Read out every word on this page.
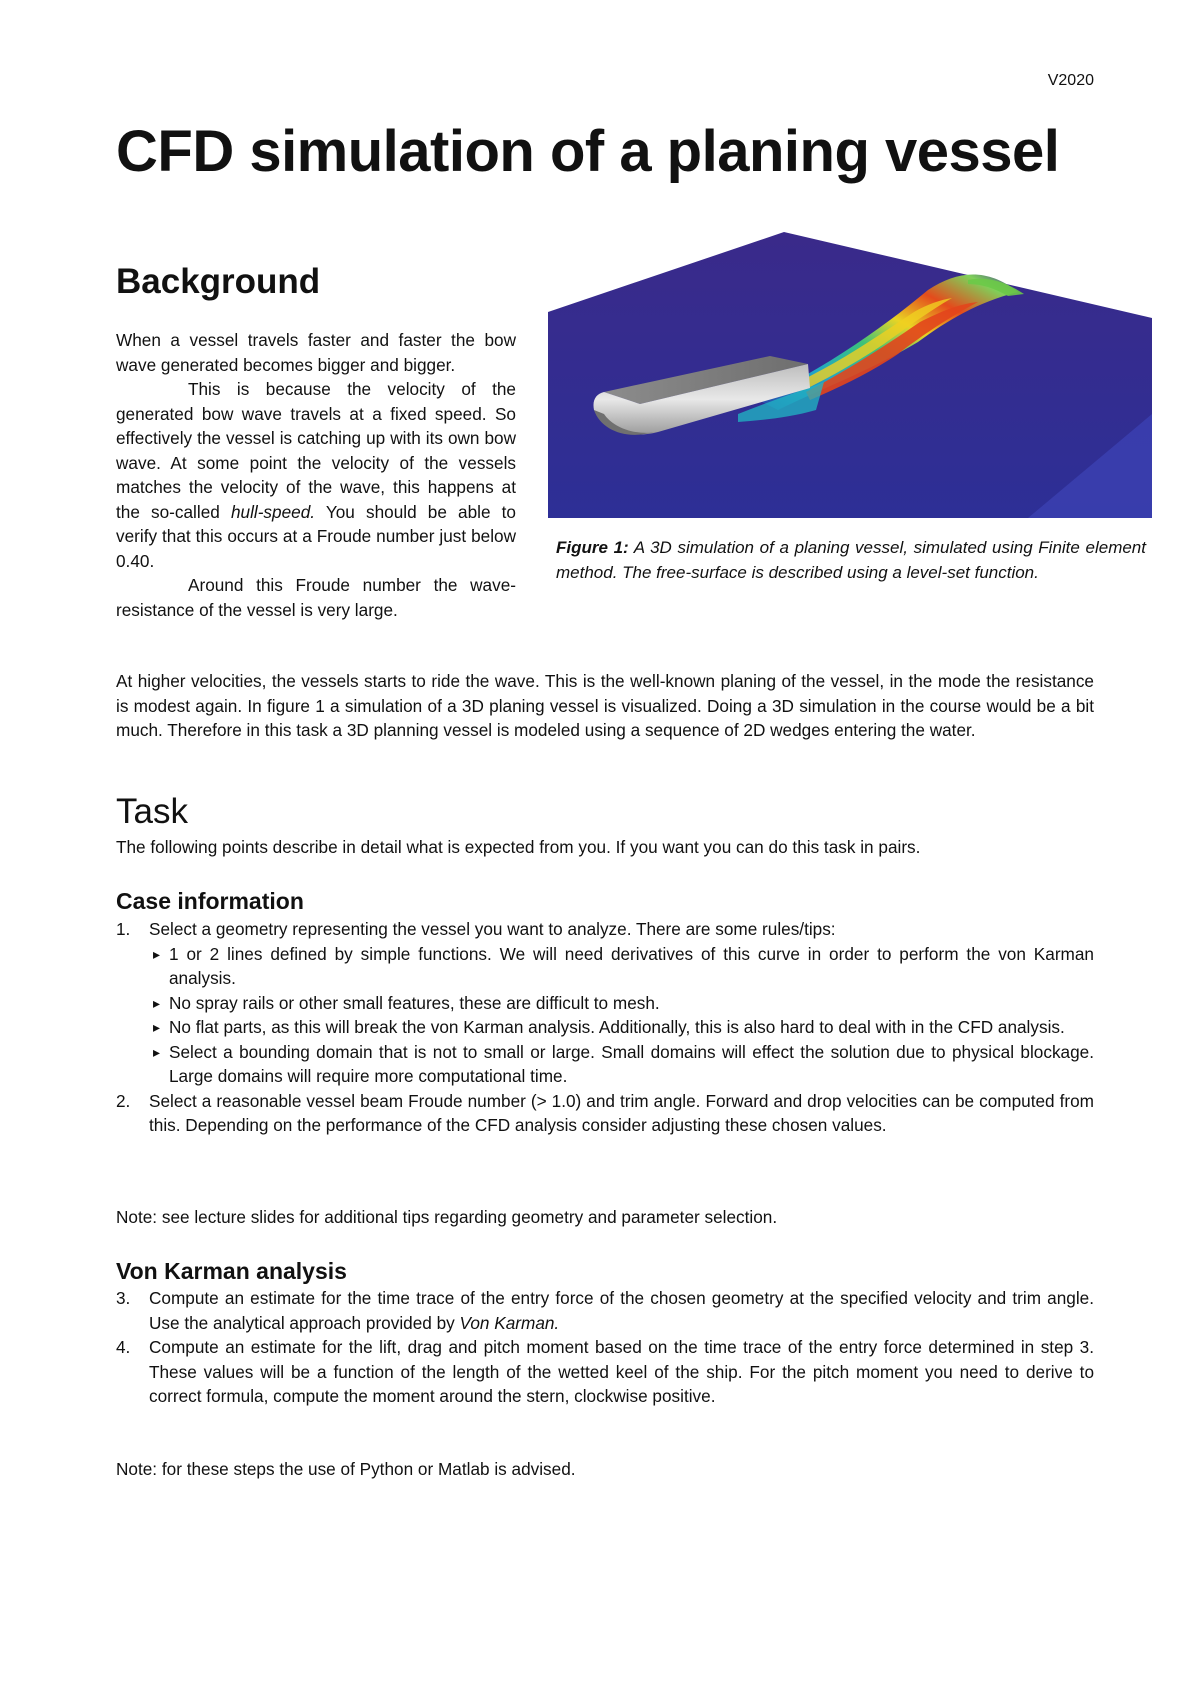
V2020
CFD simulation of a planing vessel
Background

When a vessel travels faster and faster the bow wave generated becomes bigger and bigger.
This is because the velocity of the generated bow wave travels at a fixed speed. So effectively the vessel is catching up with its own bow wave. At some point the velocity of the vessels matches the velocity of the wave, this happens at the so-called hull-speed. You should be able to verify that this occurs at a Froude number just below 0.40.
Around this Froude number the wave-resistance of the vessel is very large.

Figure 1: A 3D simulation of a planing vessel, simulated using Finite element method. The free-surface is described using a level-set function.

At higher velocities, the vessels starts to ride the wave. This is the well-known planing of the vessel, in the mode the resistance is modest again. In figure 1 a simulation of a 3D planing vessel is visualized. Doing a 3D simulation in the course would be a bit much. Therefore in this task a 3D planning vessel is modeled using a sequence of 2D wedges entering the water.

Task

The following points describe in detail what is expected from you. If you want you can do this task in pairs.

Case information
1. Select a geometry representing the vessel you want to analyze. There are some rules/tips:
▸ 1 or 2 lines defined by simple functions. We will need derivatives of this curve in order to perform the von Karman analysis.
▸ No spray rails or other small features, these are difficult to mesh.
▸ No flat parts, as this will break the von Karman analysis. Additionally, this is also hard to deal with in the CFD analysis.
▸ Select a bounding domain that is not to small or large. Small domains will effect the solution due to physical blockage. Large domains will require more computational time.
2. Select a reasonable vessel beam Froude number (> 1.0) and trim angle. Forward and drop velocities can be computed from this. Depending on the performance of the CFD analysis consider adjusting these chosen values.

Note: see lecture slides for additional tips regarding geometry and parameter selection.

Von Karman analysis
3. Compute an estimate for the time trace of the entry force of the chosen geometry at the specified velocity and trim angle. Use the analytical approach provided by Von Karman.
4. Compute an estimate for the lift, drag and pitch moment based on the time trace of the entry force determined in step 3. These values will be a function of the length of the wetted keel of the ship. For the pitch moment you need to derive to correct formula, compute the moment around the stern, clockwise positive.

Note: for these steps the use of Python or Matlab is advised.
